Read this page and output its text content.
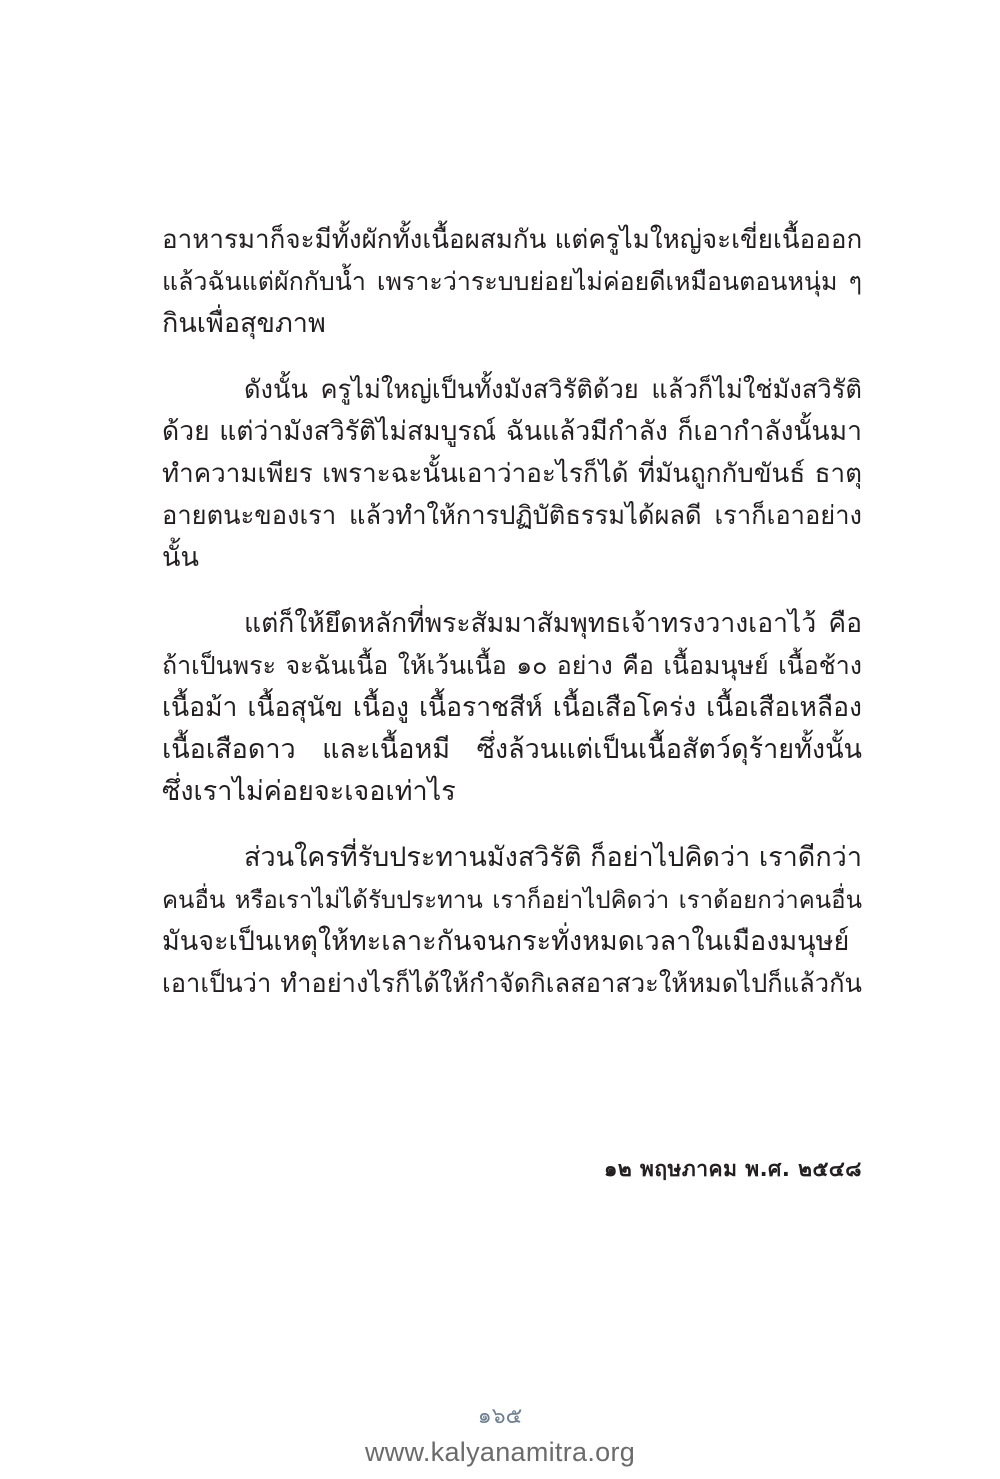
อาหารมาก็จะมีทั้งผักทั้งเนื้อผสมกัน แต่ครูไมใหญ่จะเขี่ยเนื้อออก
แล้วฉันแต่ผักกับน้ำ เพราะว่าระบบย่อยไม่ค่อยดีเหมือนตอนหนุ่ม ๆ
กินเพื่อสุขภาพ
ดังนั้น ครูไม่ใหญ่เป็นทั้งมังสวิรัติด้วย แล้วก็ไม่ใช่มังสวิรัติ
ด้วย แต่ว่ามังสวิรัติไม่สมบูรณ์ ฉันแล้วมีกำลัง ก็เอากำลังนั้นมา
ทำความเพียร เพราะฉะนั้นเอาว่าอะไรก็ได้ ที่มันถูกกับขันธ์ ธาตุ
อายตนะของเรา แล้วทำให้การปฏิบัติธรรมได้ผลดี เราก็เอาอย่าง
นั้น
แต่ก็ให้ยึดหลักที่พระสัมมาสัมพุทธเจ้าทรงวางเอาไว้ คือ
ถ้าเป็นพระ จะฉันเนื้อ ให้เว้นเนื้อ ๑๐ อย่าง คือ เนื้อมนุษย์ เนื้อช้าง
เนื้อม้า เนื้อสุนัข เนื้องู เนื้อราชสีห์ เนื้อเสือโคร่ง เนื้อเสือเหลือง
เนื้อเสือดาว และเนื้อหมี ซึ่งล้วนแต่เป็นเนื้อสัตว์ดุร้ายทั้งนั้น
ซึ่งเราไม่ค่อยจะเจอเท่าไร
ส่วนใครที่รับประทานมังสวิรัติ ก็อย่าไปคิดว่า เราดีกว่า
คนอื่น หรือเราไม่ได้รับประทาน เราก็อย่าไปคิดว่า เราด้อยกว่าคนอื่น
มันจะเป็นเหตุให้ทะเลาะกันจนกระทั่งหมดเวลาในเมืองมนุษย์
เอาเป็นว่า ทำอย่างไรก็ได้ให้กำจัดกิเลสอาสวะให้หมดไปก็แล้วกัน
๑๒ พฤษภาคม พ.ศ. ๒๕๔๘
๑๖๕
www.kalyanamitra.org
